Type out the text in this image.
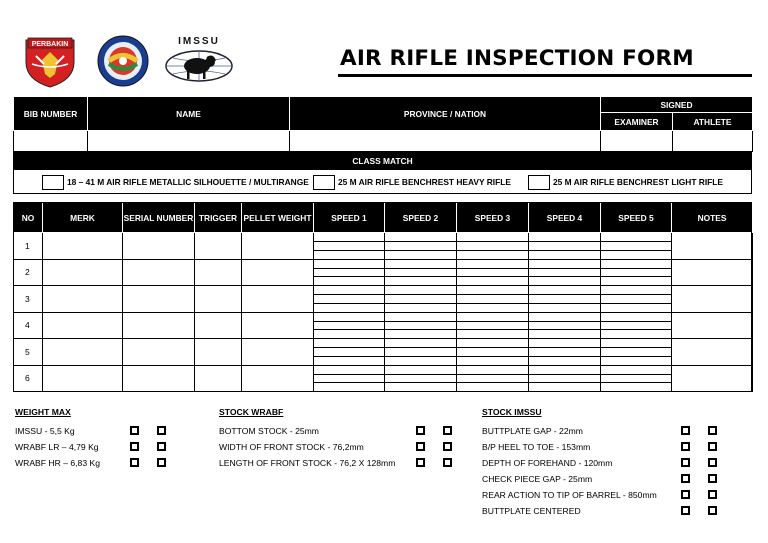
PERBAKIN	IMSSU
AIR RIFLE INSPECTION FORM
BIB NUMBER	NAME	PROVINCE / NATION	SIGNED	
			EXAMINER	ATHLETE

CLASS MATCH
18 – 41 M AIR RIFLE METALLIC SILHOUETTE / MULTIRANGE	25 M AIR RIFLE BENCHREST HEAVY RIFLE	25 M AIR RIFLE BENCHREST LIGHT RIFLE
NO	MERK	SERIAL NUMBER	TRIGGER	PELLET WEIGHT	SPEED 1	SPEED 2	SPEED 3	SPEED 4	SPEED 5	NOTES
1										
2										
3										
4										
5										
6										
WEIGHT MAX
IMSSU - 5,5 Kg
WRABF LR – 4,79 Kg
WRABF HR – 6,83 Kg
STOCK WRABF
BOTTOM STOCK - 25mm
WIDTH OF FRONT STOCK - 76,2mm
LENGTH OF FRONT STOCK - 76,2 X 128mm
STOCK IMSSU
BUTTPLATE GAP - 22mm
B/P HEEL TO TOE - 153mm
DEPTH OF FOREHAND - 120mm
CHECK PIECE GAP - 25mm
REAR ACTION TO TIP OF BARREL - 850mm
BUTTPLATE CENTERED
